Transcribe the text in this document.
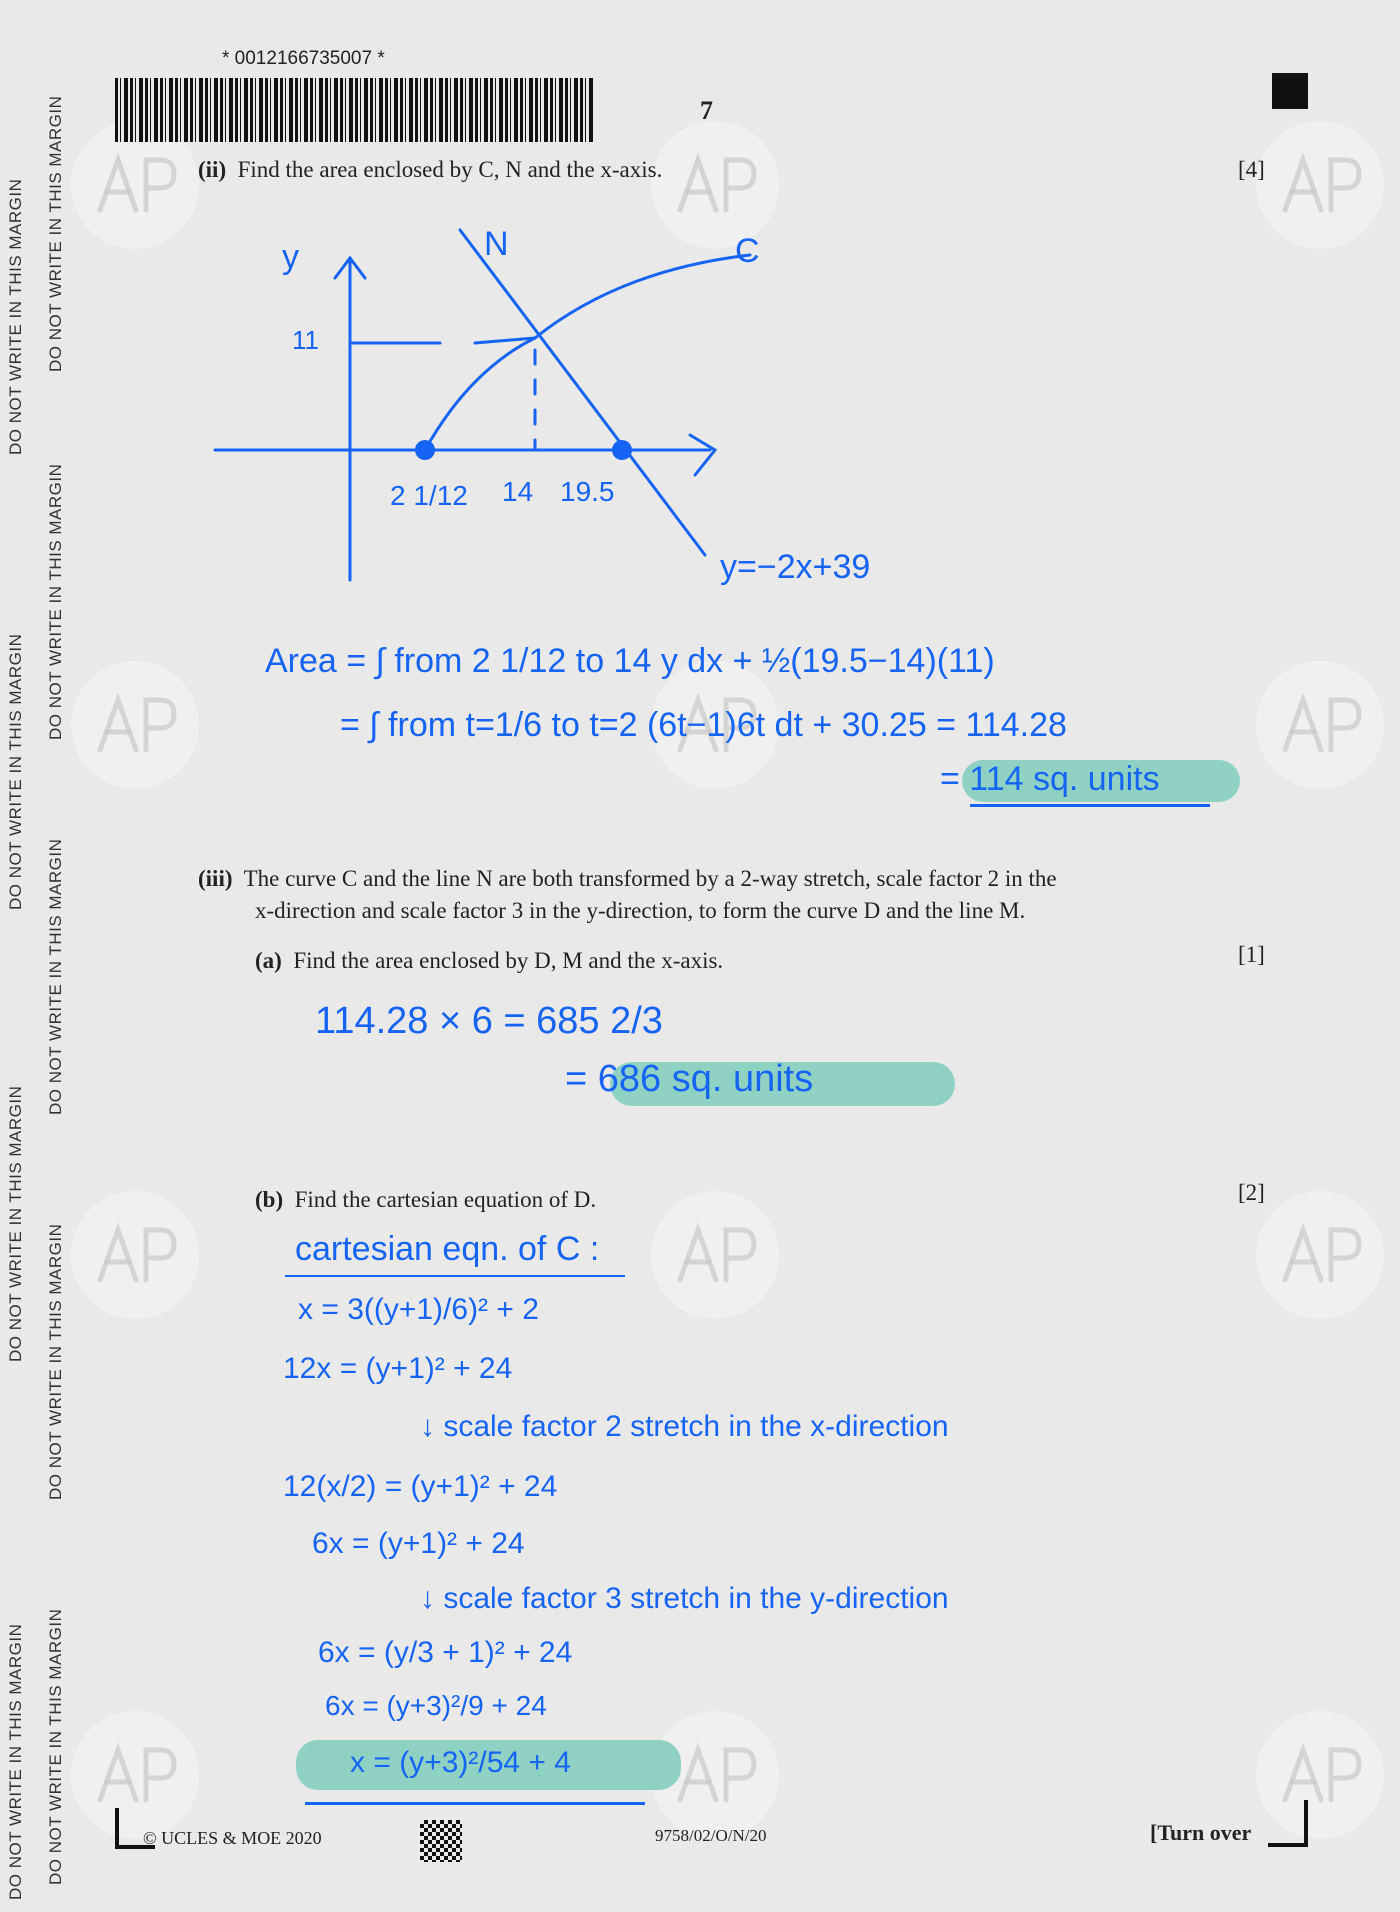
DO NOT WRITE IN THIS MARGIN
DO NOT WRITE IN THIS MARGIN
DO NOT WRITE IN THIS MARGIN
DO NOT WRITE IN THIS MARGIN
DO NOT WRITE IN THIS MARGIN
DO NOT WRITE IN THIS MARGIN
DO NOT WRITE IN THIS MARGIN
DO NOT WRITE IN THIS MARGIN
DO NOT WRITE IN THIS MARGIN
* 0012166735007 *
7
(ii) Find the area enclosed by C, N and the x-axis.	[4]
y
11
N	C
2 1/12 14 19.5
y=−2x+39
Area = ∫ from 2 1/12 to 14 y dx + ½(19.5−14)(11)
= ∫ from t=1/6 to t=2 (6t−1)6t dt + 30.25 = 114.28
= 114 sq. units
(iii) The curve C and the line N are both transformed by a 2-way stretch, scale factor 2 in the
x-direction and scale factor 3 in the y-direction, to form the curve D and the line M.
(a) Find the area enclosed by D, M and the x-axis.	[1]
114.28 × 6 = 685 2/3
= 686 sq. units
(b) Find the cartesian equation of D.	[2]
cartesian eqn. of C :
x = 3((y+1)/6)² + 2
12x = (y+1)² + 24
↓ scale factor 2 stretch in the x-direction
12(x/2) = (y+1)² + 24
6x = (y+1)² + 24
↓ scale factor 3 stretch in the y-direction
6x = (y/3 + 1)² + 24
6x = (y+3)²/9 + 24
x = (y+3)²/54 + 4
© UCLES & MOE 2020	9758/02/O/N/20	[Turn over
